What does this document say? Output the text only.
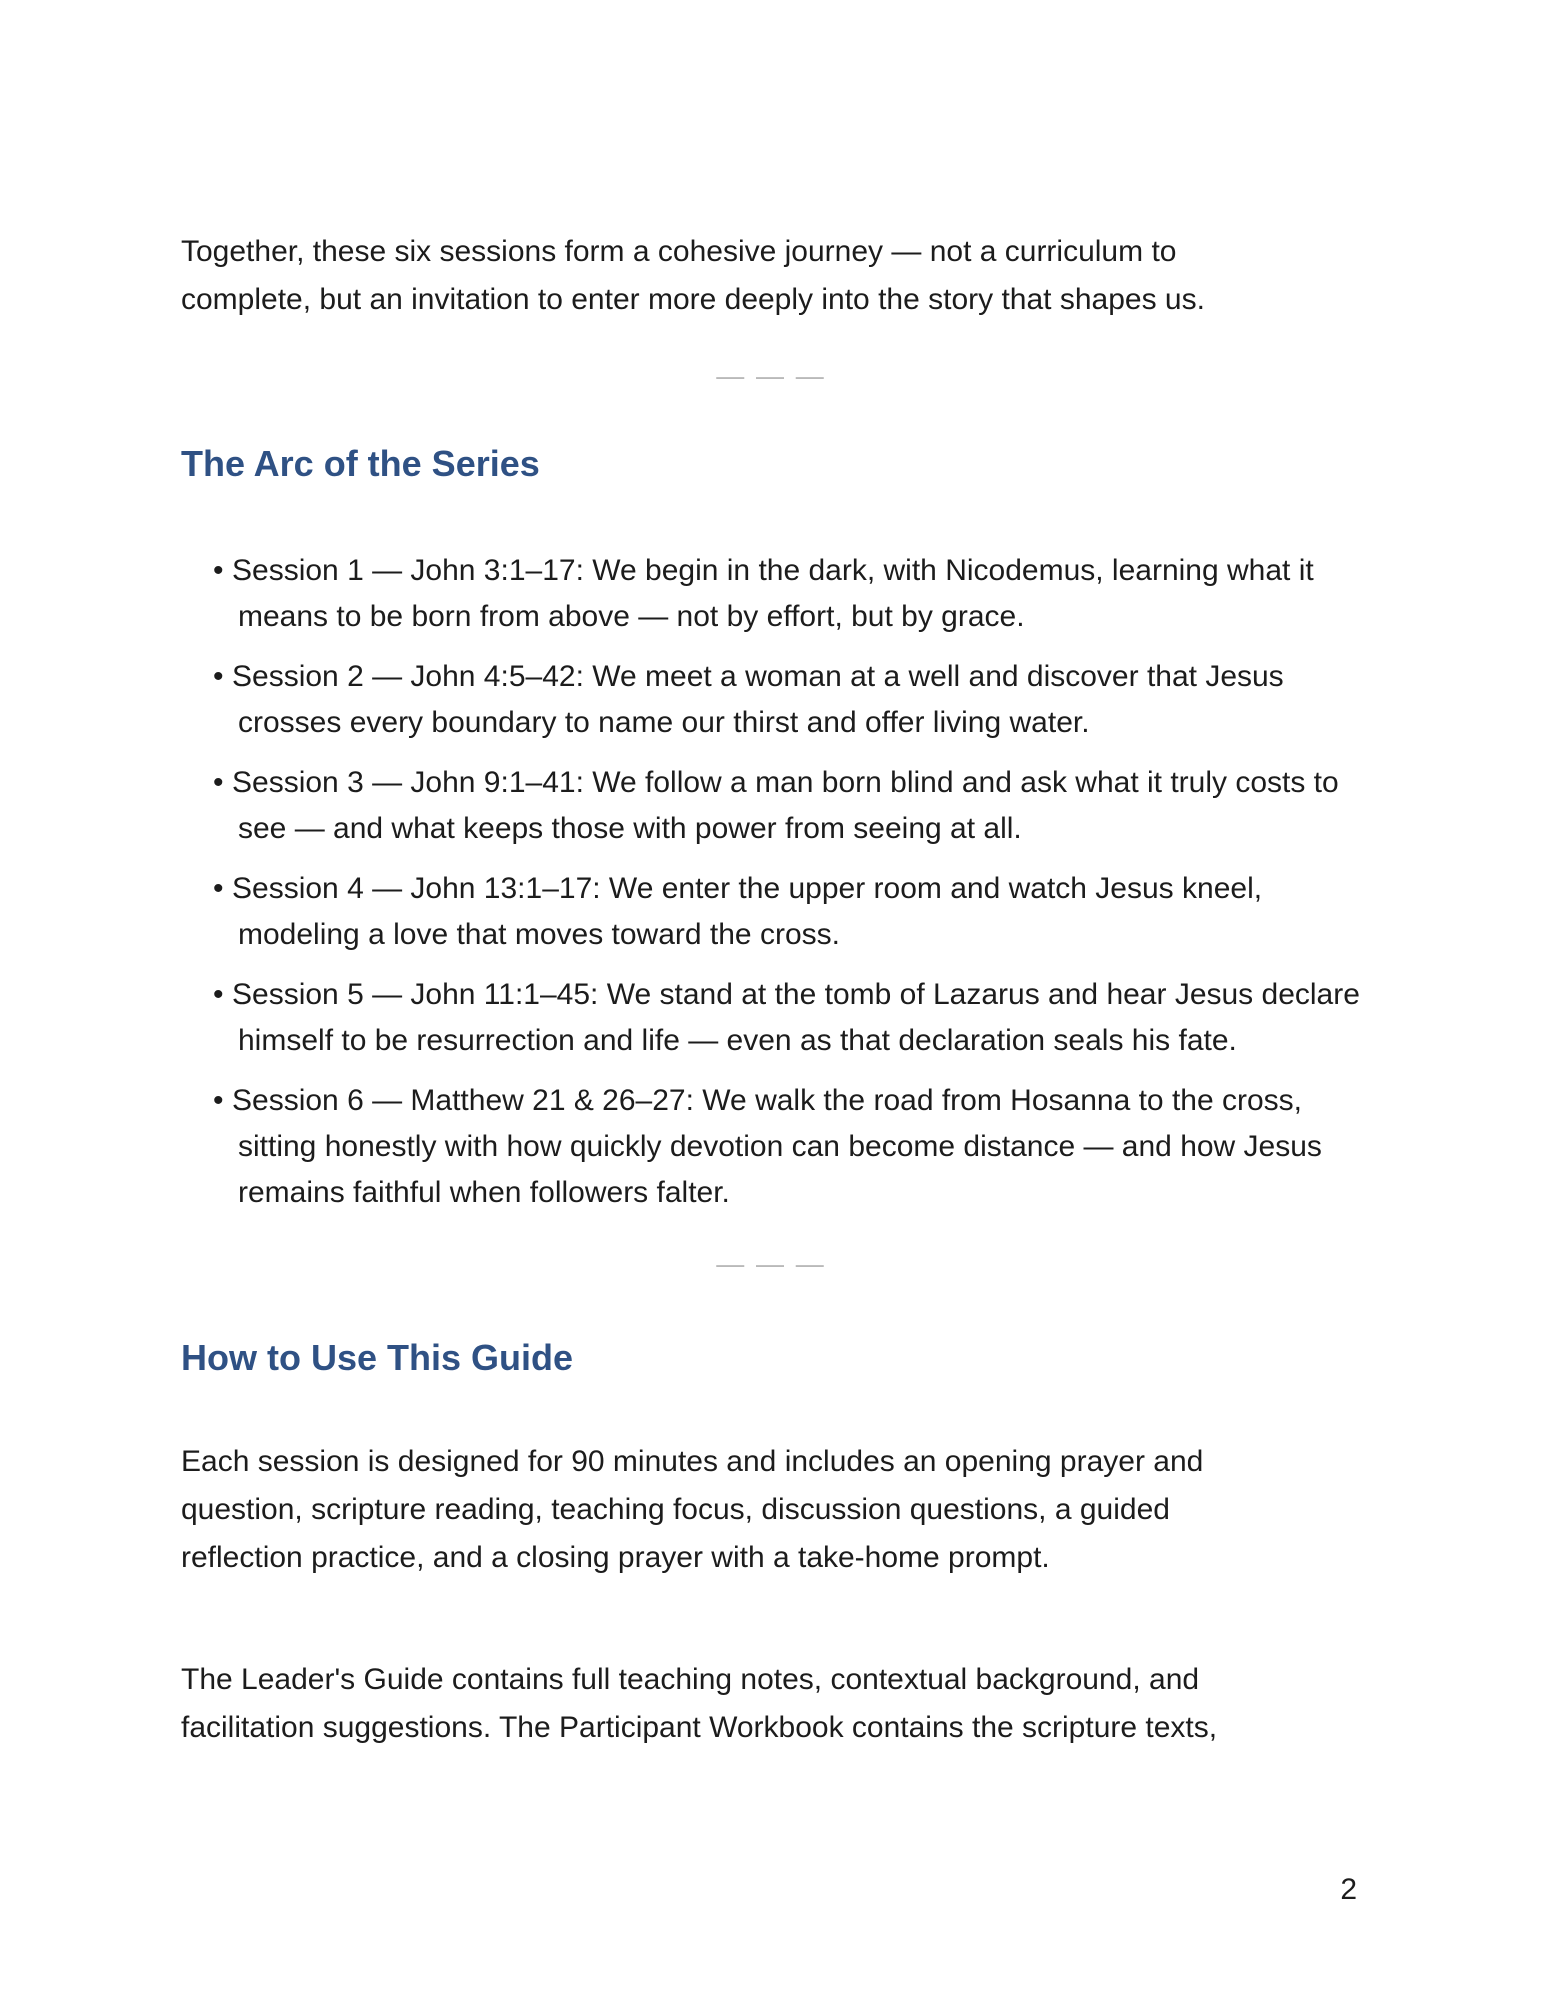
Together, these six sessions form a cohesive journey — not a curriculum to complete, but an invitation to enter more deeply into the story that shapes us.

— — —
The Arc of the Series
• Session 1 — John 3:1–17: We begin in the dark, with Nicodemus, learning what it means to be born from above — not by effort, but by grace.
• Session 2 — John 4:5–42: We meet a woman at a well and discover that Jesus crosses every boundary to name our thirst and offer living water.
• Session 3 — John 9:1–41: We follow a man born blind and ask what it truly costs to see — and what keeps those with power from seeing at all.
• Session 4 — John 13:1–17: We enter the upper room and watch Jesus kneel, modeling a love that moves toward the cross.
• Session 5 — John 11:1–45: We stand at the tomb of Lazarus and hear Jesus declare himself to be resurrection and life — even as that declaration seals his fate.
• Session 6 — Matthew 21 & 26–27: We walk the road from Hosanna to the cross, sitting honestly with how quickly devotion can become distance — and how Jesus remains faithful when followers falter.
— — —
How to Use This Guide

Each session is designed for 90 minutes and includes an opening prayer and question, scripture reading, teaching focus, discussion questions, a guided reflection practice, and a closing prayer with a take-home prompt.

The Leader's Guide contains full teaching notes, contextual background, and facilitation suggestions. The Participant Workbook contains the scripture texts,

2
